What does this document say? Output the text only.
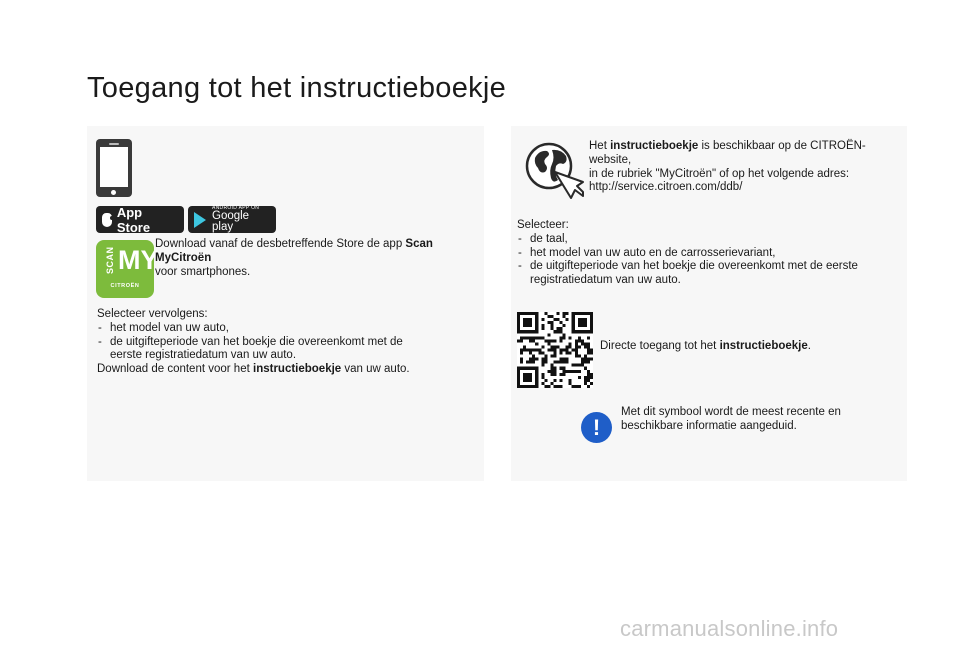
Toegang tot het instructieboekje
App Store
ANDROID APP ON
Google play
SCAN MY
CITROËN
Download vanaf de desbetreffende Store de app Scan MyCitroën
voor smartphones.
Selecteer vervolgens:
- het model van uw auto,
- de uitgifteperiode van het boekje die overeenkomt met de eerste registratiedatum van uw auto.
Download de content voor het instructieboekje van uw auto.
Het instructieboekje is beschikbaar op de CITROËN-website,
in de rubriek "MyCitroën" of op het volgende adres:
http://service.citroen.com/ddb/
Selecteer:
- de taal,
- het model van uw auto en de carrosserievariant,
- de uitgifteperiode van het boekje die overeenkomt met de eerste registratiedatum van uw auto.
Directe toegang tot het instructieboekje.
!
Met dit symbool wordt de meest recente en beschikbare informatie aangeduid.
carmanualsonline.info
